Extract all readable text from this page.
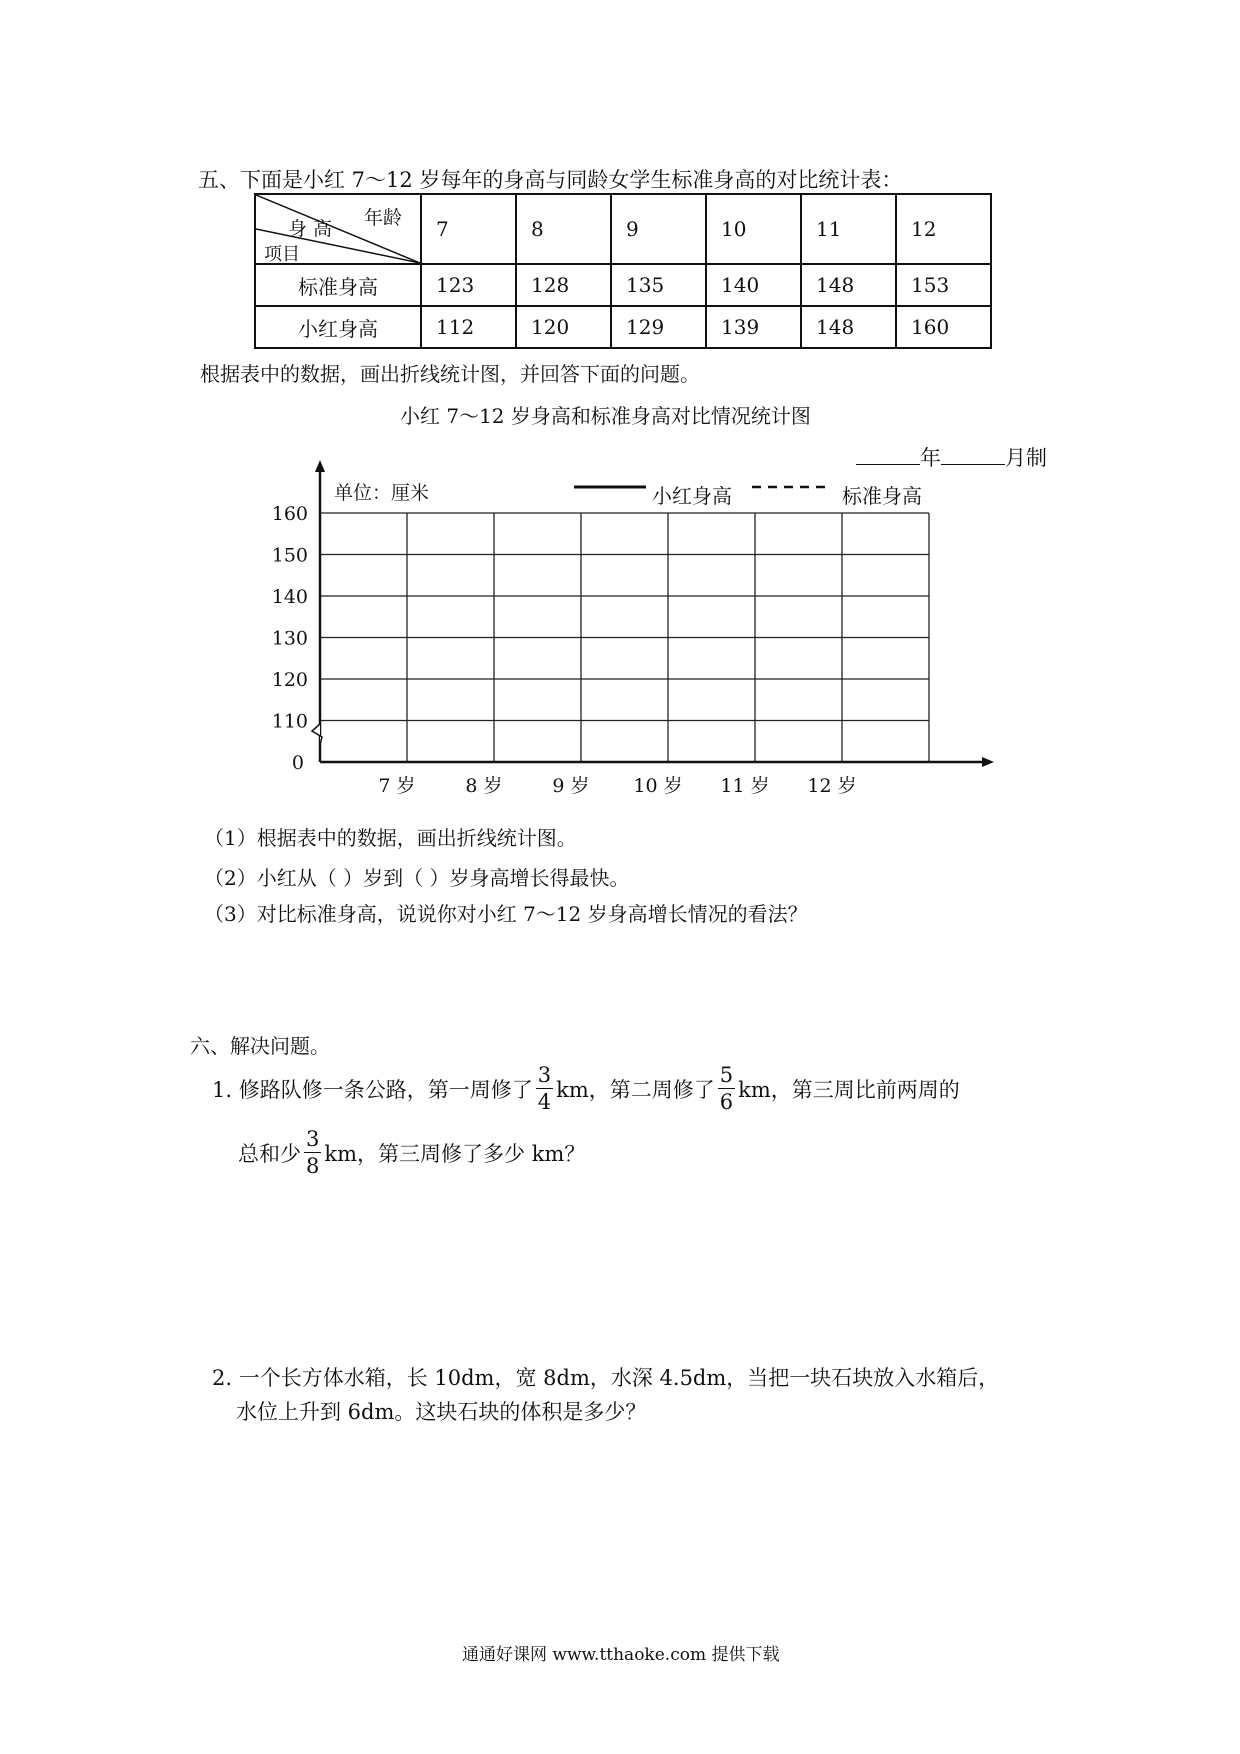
五、下面是小红 7～12 岁每年的身高与同龄女学生标准身高的对比统计表：
年龄
身 高
项目	7	8	9	10	11	12
标准身高	123	128	135	140	148	153
小红身高	112	120	129	139	148	160
根据表中的数据，画出折线统计图，并回答下面的问题。
小红 7～12 岁身高和标准身高对比情况统计图
年	月制
单位：厘米
160
150
140
130
120
110
0
7 岁	8 岁	9 岁 10 岁 11 岁 12 岁
小红身高	标准身高
（1）根据表中的数据，画出折线统计图。
（2）小红从（ ）岁到（ ）岁身高增长得最快。
（3）对比标准身高，说说你对小红 7～12 岁身高增长情况的看法？
六、解决问题。
1. 修路队修一条公路，第一周修了 $\frac{3}{4}$ km，第二周修了 $\frac{5}{6}$ km，第三周比前两周的
总和少 $\frac{3}{8}$ km，第三周修了多少 km？
2. 一个长方体水箱，长 10dm，宽 8dm，水深 4.5dm，当把一块石块放入水箱后，
水位上升到 6dm。这块石块的体积是多少？
通通好课网 www.tthaoke.com 提供下载
